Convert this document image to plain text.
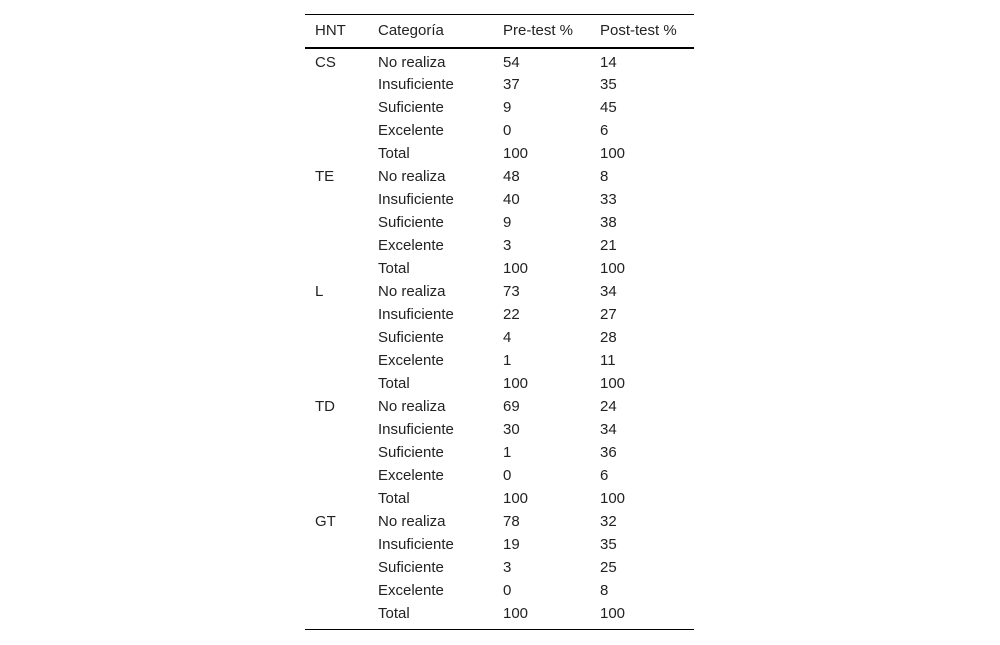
HNT	Categoría	Pre-test %	Post-test %
CS	No realiza	54	14
	Insuficiente	37	35
	Suficiente	9	45
	Excelente	0	6
	Total	100	100
TE	No realiza	48	8
	Insuficiente	40	33
	Suficiente	9	38
	Excelente	3	21
	Total	100	100
L	No realiza	73	34
	Insuficiente	22	27
	Suficiente	4	28
	Excelente	1	11
	Total	100	100
TD	No realiza	69	24
	Insuficiente	30	34
	Suficiente	1	36
	Excelente	0	6
	Total	100	100
GT	No realiza	78	32
	Insuficiente	19	35
	Suficiente	3	25
	Excelente	0	8
	Total	100	100
